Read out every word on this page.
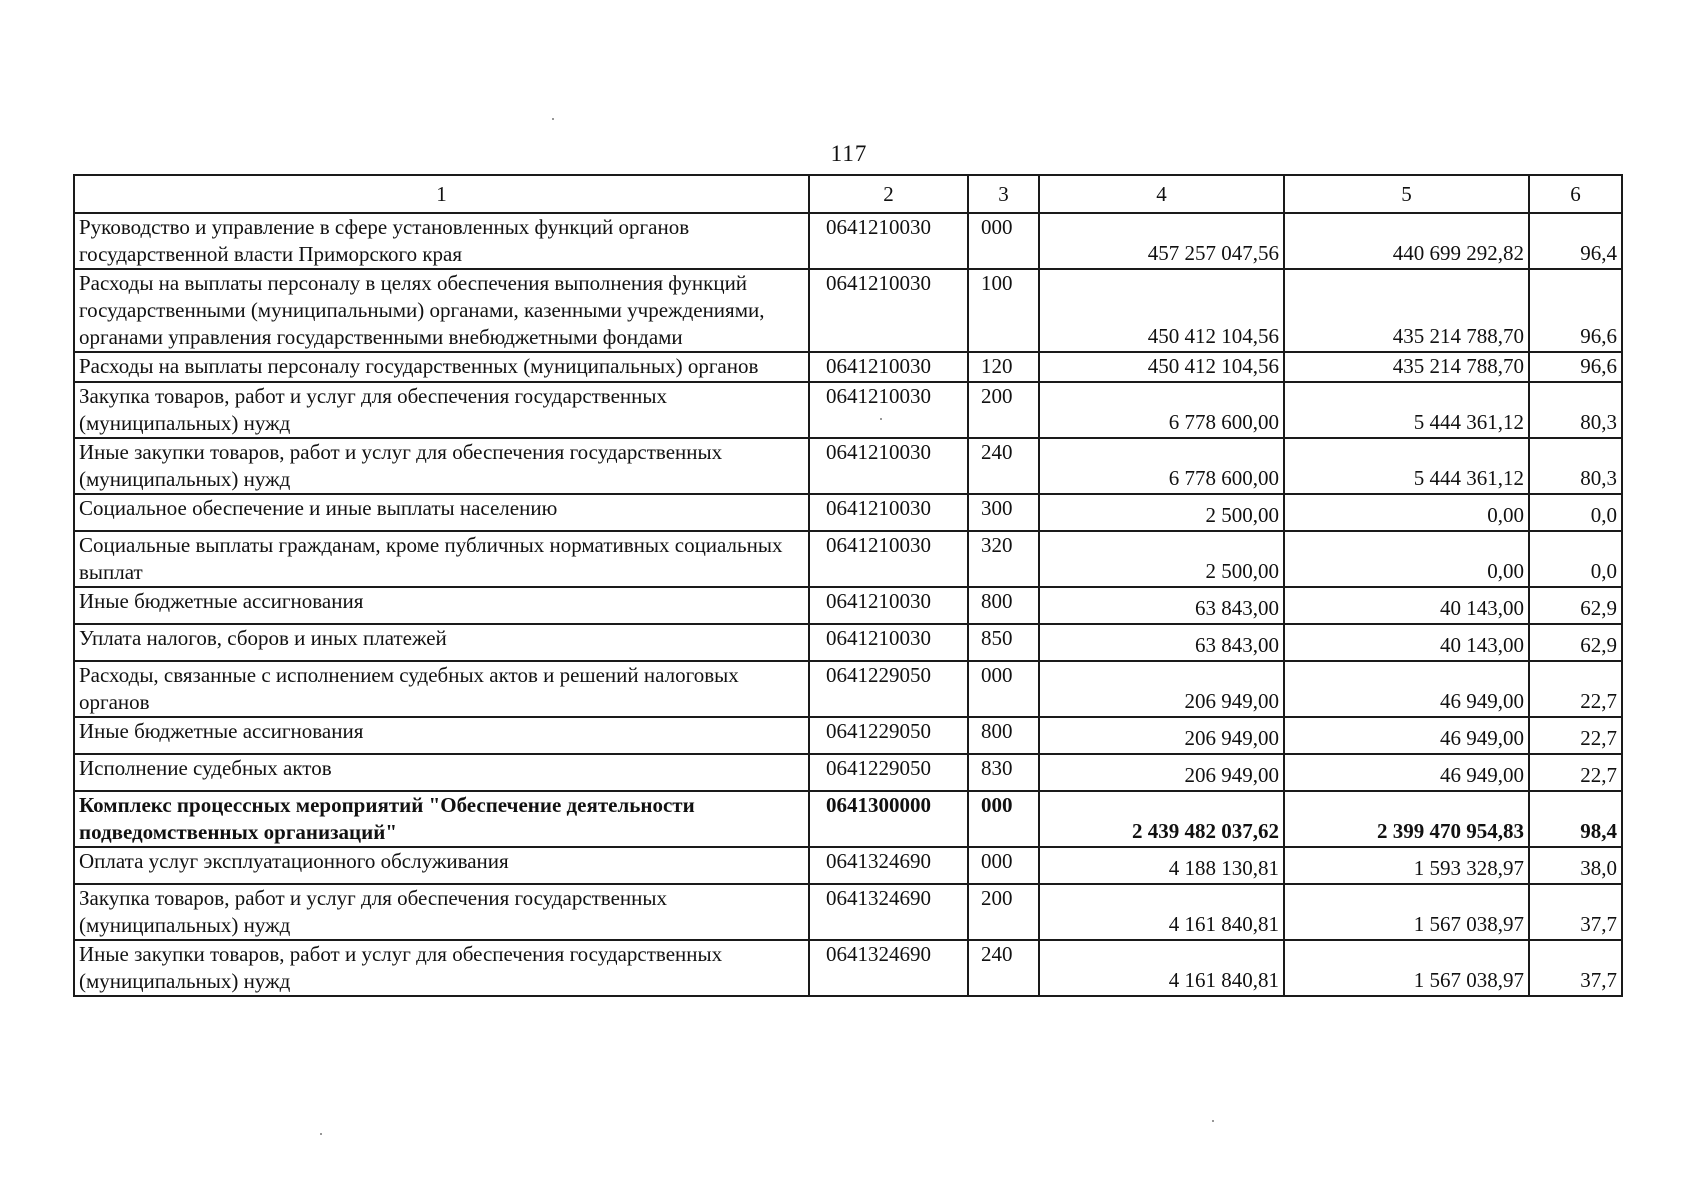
117
1	2	3	4	5	6
Руководство и управление в сфере установленных функций органов государственной власти Приморского края	0641210030	000	457 257 047,56	440 699 292,82	96,4
Расходы на выплаты персоналу в целях обеспечения выполнения функций государственными (муниципальными) органами, казенными учреждениями, органами управления государственными внебюджетными фондами	0641210030	100	450 412 104,56	435 214 788,70	96,6
Расходы на выплаты персоналу государственных (муниципальных) органов	0641210030	120	450 412 104,56	435 214 788,70	96,6
Закупка товаров, работ и услуг для обеспечения государственных (муниципальных) нужд	0641210030	200	6 778 600,00	5 444 361,12	80,3
Иные закупки товаров, работ и услуг для обеспечения государственных (муниципальных) нужд	0641210030	240	6 778 600,00	5 444 361,12	80,3
Социальное обеспечение и иные выплаты населению	0641210030	300	2 500,00	0,00	0,0
Социальные выплаты гражданам, кроме публичных нормативных социальных выплат	0641210030	320	2 500,00	0,00	0,0
Иные бюджетные ассигнования	0641210030	800	63 843,00	40 143,00	62,9
Уплата налогов, сборов и иных платежей	0641210030	850	63 843,00	40 143,00	62,9
Расходы, связанные с исполнением судебных актов и решений налоговых органов	0641229050	000	206 949,00	46 949,00	22,7
Иные бюджетные ассигнования	0641229050	800	206 949,00	46 949,00	22,7
Исполнение судебных актов	0641229050	830	206 949,00	46 949,00	22,7
Комплекс процессных мероприятий "Обеспечение деятельности подведомственных организаций"	0641300000	000	2 439 482 037,62	2 399 470 954,83	98,4
Оплата услуг эксплуатационного обслуживания	0641324690	000	4 188 130,81	1 593 328,97	38,0
Закупка товаров, работ и услуг для обеспечения государственных (муниципальных) нужд	0641324690	200	4 161 840,81	1 567 038,97	37,7
Иные закупки товаров, работ и услуг для обеспечения государственных (муниципальных) нужд	0641324690	240	4 161 840,81	1 567 038,97	37,7
